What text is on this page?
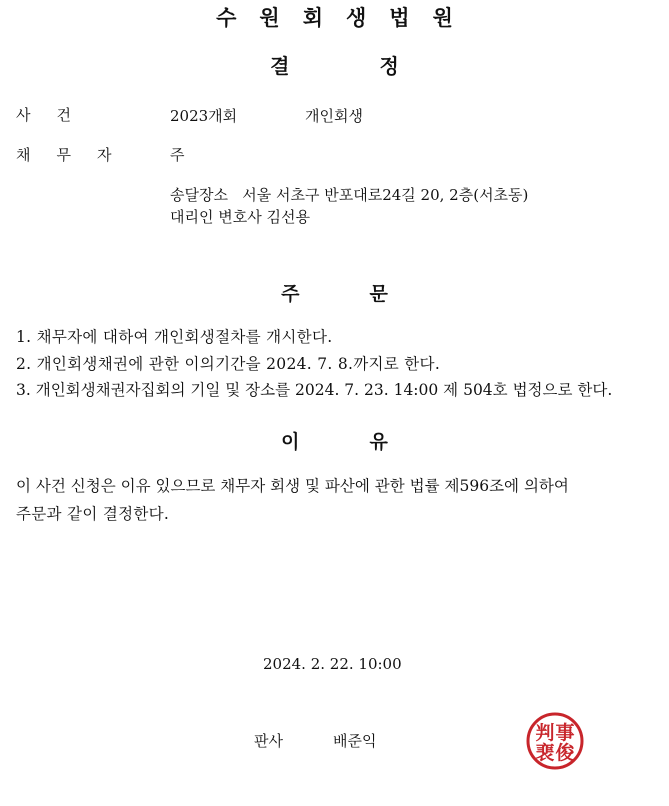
수원회생법원
결정
사건	2023개회	개인회생
채무자 주
송달장소   서울 서초구 반포대로24길 20, 2층(서초동)
대리인 변호사 김선용
주문
1. 채무자에 대하여 개인회생절차를 개시한다.
2. 개인회생채권에 관한 이의기간을 2024. 7. 8.까지로 한다.
3. 개인회생채권자집회의 기일 및 장소를 2024. 7. 23. 14:00 제 504호 법정으로 한다.
이유
이 사건 신청은 이유 있으므로 채무자 회생 및 파산에 관한 법률 제596조에 의하여
주문과 같이 결정한다.
2024. 2. 22. 10:00
판사	배준익	判 事
裵 俊
